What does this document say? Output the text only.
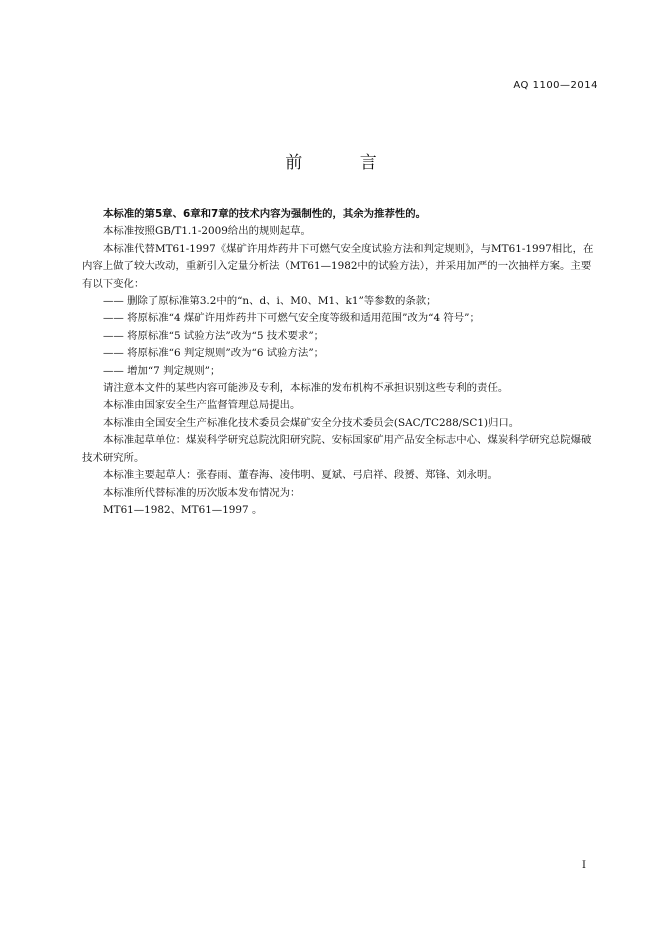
AQ 1100—2014
前 言

本标准的第5章、6章和7章的技术内容为强制性的，其余为推荐性的。

本标准按照GB/T1.1-2009给出的规则起草。

本标准代替MT61-1997《煤矿许用炸药井下可燃气安全度试验方法和判定规则》，与MT61-1997相比，在内容上做了较大改动，重新引入定量分析法（MT61—1982中的试验方法），并采用加严的一次抽样方案。主要有以下变化：

—— 删除了原标准第3.2中的“n、d、i、M0、M1、k1”等参数的条款；

—— 将原标准“4 煤矿许用炸药井下可燃气安全度等级和适用范围”改为“4 符号”；

—— 将原标准“5 试验方法”改为“5 技术要求”；

—— 将原标准“6 判定规则”改为“6 试验方法”；

—— 增加“7 判定规则”；

请注意本文件的某些内容可能涉及专利，本标准的发布机构不承担识别这些专利的责任。

本标准由国家安全生产监督管理总局提出。

本标准由全国安全生产标准化技术委员会煤矿安全分技术委员会(SAC/TC288/SC1)归口。

本标准起草单位：煤炭科学研究总院沈阳研究院、安标国家矿用产品安全标志中心、煤炭科学研究总院爆破技术研究所。

本标准主要起草人：张春雨、董春海、凌伟明、夏斌、弓启祥、段赟、郑锋、刘永明。

本标准所代替标准的历次版本发布情况为：

MT61—1982、MT61—1997 。

I
